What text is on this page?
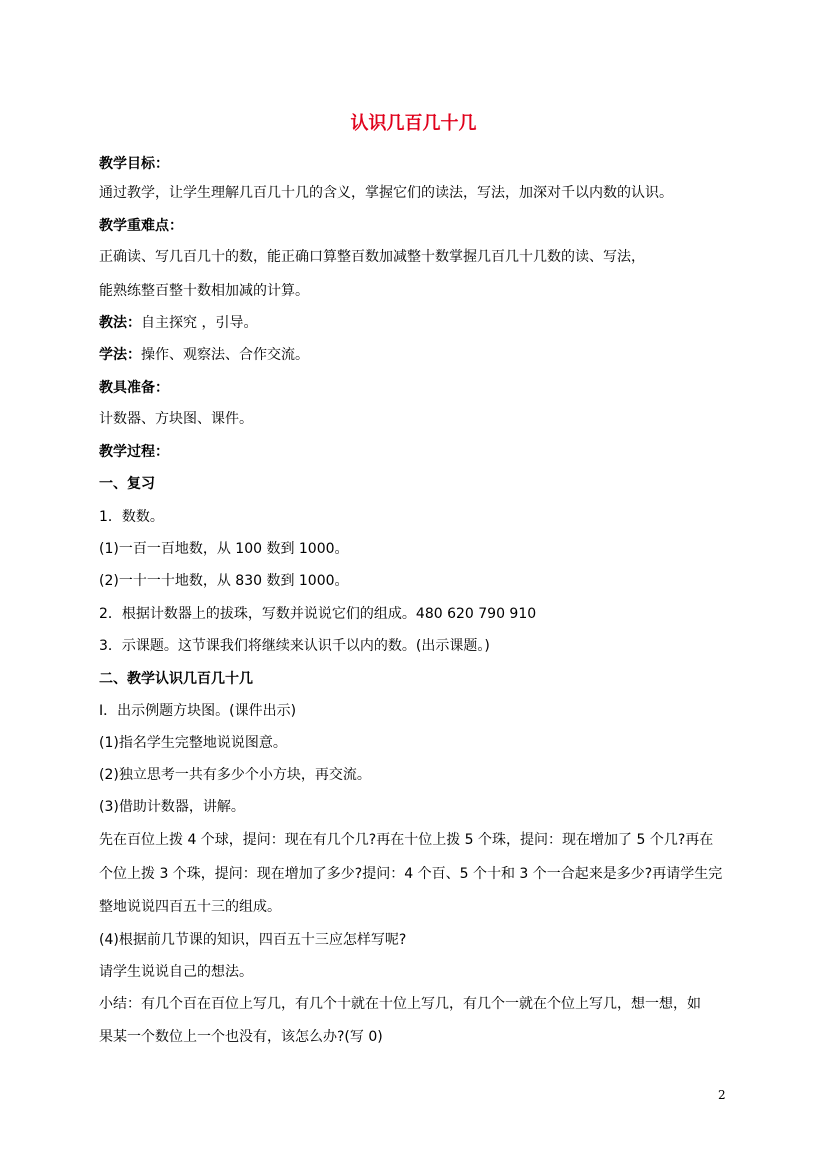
认识几百几十几
教学目标：
通过教学，让学生理解几百几十几的含义，掌握它们的读法，写法，加深对千以内数的认识。
教学重难点：
正确读、写几百几十的数，能正确口算整百数加减整十数掌握几百几十几数的读、写法，
能熟练整百整十数相加减的计算。
教法：自主探究 ，引导。
学法：操作、观察法、合作交流。
教具准备：
计数器、方块图、课件。
教学过程：
一、复习
1．数数。
(1)一百一百地数，从 100 数到 1000。
(2)一十一十地数，从 830 数到 1000。
2．根据计数器上的拔珠，写数并说说它们的组成。480 620 790 910
3．示课题。这节课我们将继续来认识千以内的数。(出示课题。)
二、教学认识几百几十几
I．出示例题方块图。(课件出示)
(1)指名学生完整地说说图意。
(2)独立思考一共有多少个小方块，再交流。
(3)借助计数器，讲解。
先在百位上拨 4 个球，提问：现在有几个几?再在十位上拨 5 个珠，提问：现在增加了 5 个几?再在
个位上拨 3 个珠，提问：现在增加了多少?提问：4 个百、5 个十和 3 个一合起来是多少?再请学生完
整地说说四百五十三的组成。
(4)根据前几节课的知识，四百五十三应怎样写呢?
请学生说说自己的想法。
小结：有几个百在百位上写几，有几个十就在十位上写几，有几个一就在个位上写几，想一想，如
果某一个数位上一个也没有，该怎么办?(写 0)
2
